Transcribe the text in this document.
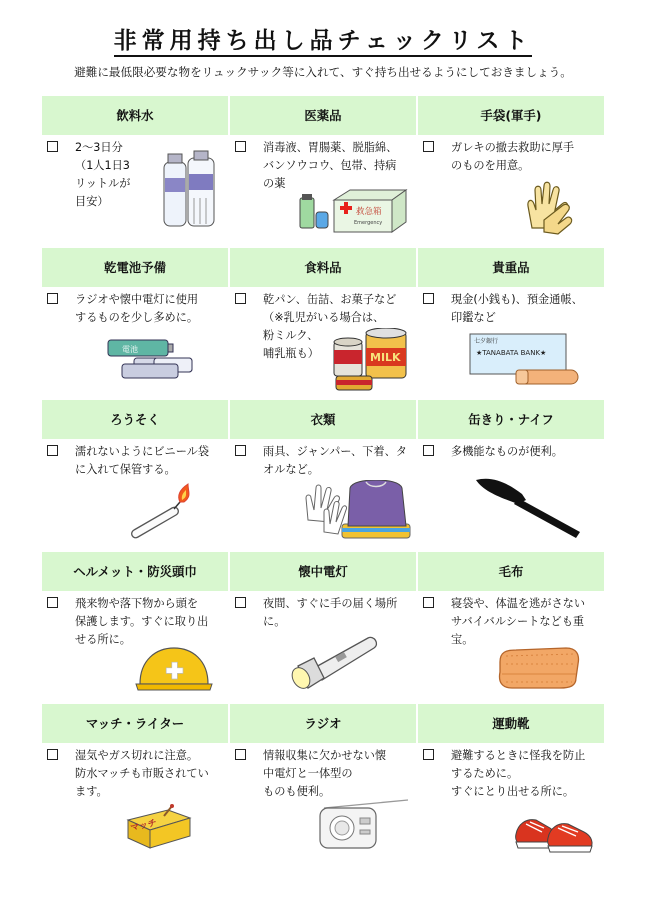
非常用持ち出し品チェックリスト
避難に最低限必要な物をリュックサック等に入れて、すぐ持ち出せるようにしておきましょう。
飲料水
2～3日分
（1人1日3
リットルが
目安）
医薬品
消毒液、胃腸薬、脱脂綿、
バンソウコウ、包帯、持病
の薬
救急箱
Emergency
手袋(軍手)
ガレキの撤去救助に厚手
のものを用意。
乾電池予備
ラジオや懐中電灯に使用
するものを少し多めに。
電池
食料品
乾パン、缶詰、お菓子など
（※乳児がいる場合は、
粉ミルク、
哺乳瓶も）	MILK
貴重品
現金(小銭も)、預金通帳、
印鑑など
七夕銀行
★TANABATA BANK★
ろうそく
濡れないようにビニール袋
に入れて保管する。
衣類
雨具、ジャンパー、下着、タ
オルなど。
缶きり・ナイフ
多機能なものが便利。
ヘルメット・防災頭巾
飛来物や落下物から頭を
保護します。すぐに取り出
せる所に。
懐中電灯
夜間、すぐに手の届く場所
に。
毛布
寝袋や、体温を逃がさない
サバイバルシートなども重
宝。
マッチ・ライター
湿気やガス切れに注意。
防水マッチも市販されてい
ます。
マッチ
ラジオ
情報収集に欠かせない懐
中電灯と一体型の
ものも便利。
運動靴
避難するときに怪我を防止
するために。
すぐにとり出せる所に。
